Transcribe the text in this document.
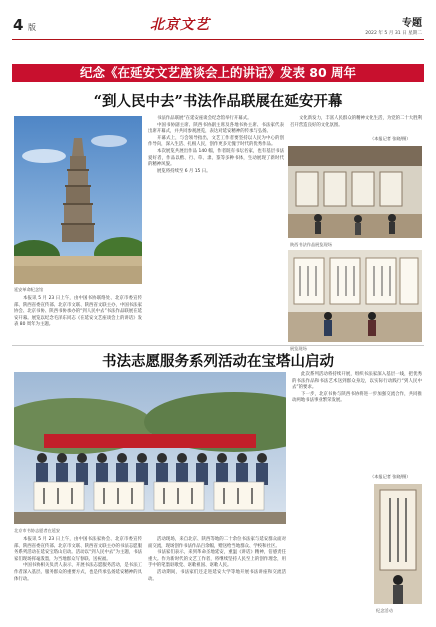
4 版	北京文艺	专题
2022 年 5 月 31 日 星期二
纪念《在延安文艺座谈会上的讲话》发表 80 周年
“到人民中去”书法作品联展在延安开幕
延安革命纪念馆

本报讯 5 月 23 日上午，由中国书协联络处、北京市委宣传部、陕西省委宣传部、北京市文联、陕西省文联主办，中国书法家协会、北京书协、陕西书协承办的“到人民中去”书法作品联展在延安开幕。展览以纪念毛泽东同志《在延安文艺座谈会上的讲话》发表 80 周年为主题。

书法作品联展“在延安座谈会纪念馆举行开幕式。

中国书协副主席、陕西书协副主席及各地书协主席、书法家代表出席开幕式，并共同参观展览，表达对延安精神的传承与弘扬。

开幕式上，与会领导指出，文艺工作者要坚持以人民为中心的创作导向，深入生活、扎根人民，创作更多无愧于时代的优秀作品。

本次展览共展出作品 140 幅，作者既有书坛名家，也有基层书法爱好者，作品以楷、行、草、隶、篆等多种书体，生动展现了新时代的精神风貌。

展览将持续至 6 月 15 日。

文化新发力，丰富人民群众的精神文化生活，为党的二十大胜利召开营造良好的文化氛围。

（本报记者 张晓/摄）
陕西书法作品展览现场
展览现场
书法志愿服务系列活动在宝塔山启动
北京市书协志愿者在延安

本报讯 5 月 23 日上午，由中国书法家协会、北京市委宣传部、陕西省委宣传部、北京市文联、陕西省文联主办的书法志愿服务系列活动在延安宝塔山启动。活动以“到人民中去”为主题，书法家们现场挥毫泼墨，为当地群众写春联、送祝福。

中国书协相关负责人表示，开展书法志愿服务活动，是书法工作者深入基层、服务群众的重要方式，也是传承弘扬延安精神的具体行动。

活动现场，来自北京、陕西等地的二十余位书法家与延安群众面对面交流，现场创作书法作品百余幅，赠送给当地群众、学校和社区。

书法家们表示，来到革命圣地延安，重温《讲话》精神，倍感责任重大。作为新时代的文艺工作者，将继续坚持人民至上的创作理念，用手中的笔墨讴歌党、讴歌祖国、讴歌人民。

活动期间，书法家们还走进延安大学等地开展书法讲座和交流活动。

此次系列活动将持续开展，组织书法家深入基层一线，把优秀的书法作品和书法艺术送到群众身边，以实际行动践行“到人民中去”的要求。

下一步，北京书协与陕西书协将进一步加强交流合作，共同推动两地书法事业繁荣发展。

（本报记者 张晓/摄）
纪念活动
